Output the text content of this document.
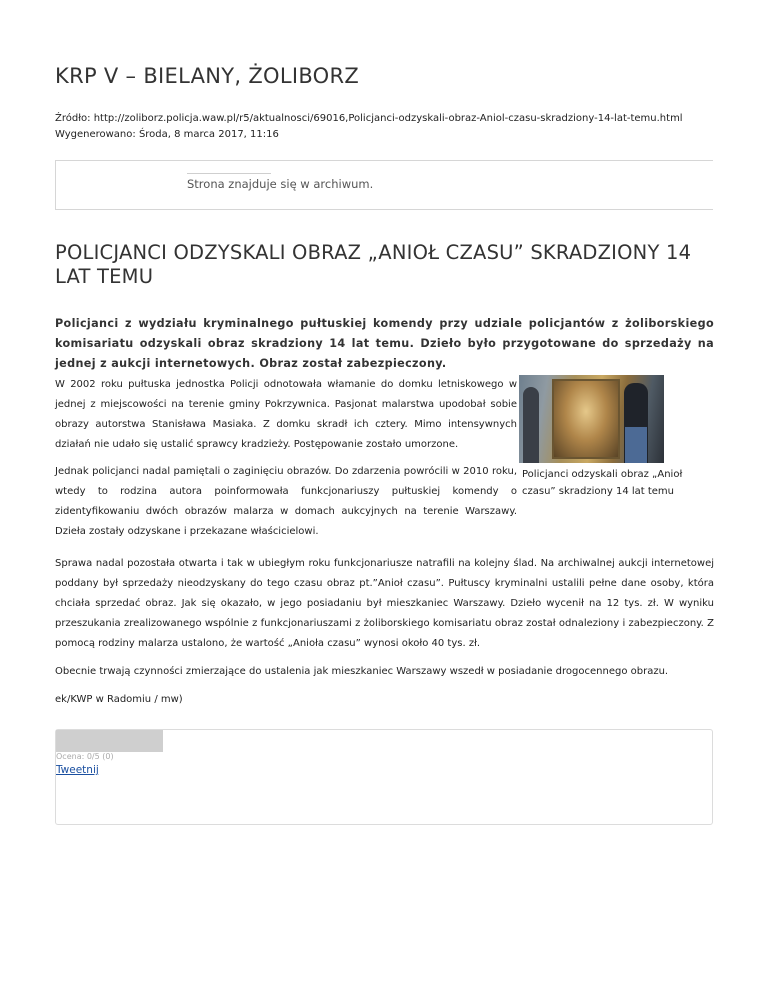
KRP V – BIELANY, ŻOLIBORZ
Źródło: http://zoliborz.policja.waw.pl/r5/aktualnosci/69016,Policjanci-odzyskali-obraz-Aniol-czasu-skradziony-14-lat-temu.html
Wygenerowano: Środa, 8 marca 2017, 11:16
Strona znajduje się w archiwum.
POLICJANCI ODZYSKALI OBRAZ „ANIOŁ CZASU” SKRADZIONY 14 LAT TEMU
Policjanci z wydziału kryminalnego pułtuskiej komendy przy udziale policjantów z żoliborskiego komisariatu odzyskali obraz skradziony 14 lat temu. Dzieło było przygotowane do sprzedaży na jednej z aukcji internetowych. Obraz został zabezpieczony.

W 2002 roku pułtuska jednostka Policji odnotowała włamanie do domku letniskowego w jednej z miejscowości na terenie gminy Pokrzywnica. Pasjonat malarstwa upodobał sobie obrazy autorstwa Stanisława Masiaka. Z domku skradł ich cztery. Mimo intensywnych działań nie udało się ustalić sprawcy kradzieży. Postępowanie zostało umorzone.

Jednak policjanci nadal pamiętali o zaginięciu obrazów. Do zdarzenia powrócili w 2010 roku, wtedy to rodzina autora poinformowała funkcjonariuszy pułtuskiej komendy o zidentyfikowaniu dwóch obrazów malarza w domach aukcyjnych na terenie Warszawy. Dzieła zostały odzyskane i przekazane właścicielowi.

Policjanci odzyskali obraz „Anioł czasu” skradziony 14 lat temu

Sprawa nadal pozostała otwarta i tak w ubiegłym roku funkcjonariusze natrafili na kolejny ślad. Na archiwalnej aukcji internetowej poddany był sprzedaży nieodzyskany do tego czasu obraz pt.”Anioł czasu”. Pułtuscy kryminalni ustalili pełne dane osoby, która chciała sprzedać obraz. Jak się okazało, w jego posiadaniu był mieszkaniec Warszawy. Dzieło wycenił na 12 tys. zł. W wyniku przeszukania zrealizowanego wspólnie z funkcjonariuszami z żoliborskiego komisariatu obraz został odnaleziony i zabezpieczony. Z pomocą rodziny malarza ustalono, że wartość „Anioła czasu” wynosi około 40 tys. zł.

Obecnie trwają czynności zmierzające do ustalenia jak mieszkaniec Warszawy wszedł w posiadanie drogocennego obrazu.

ek/KWP w Radomiu / mw)

Ocena: 0/5 (0)
Tweetnij
